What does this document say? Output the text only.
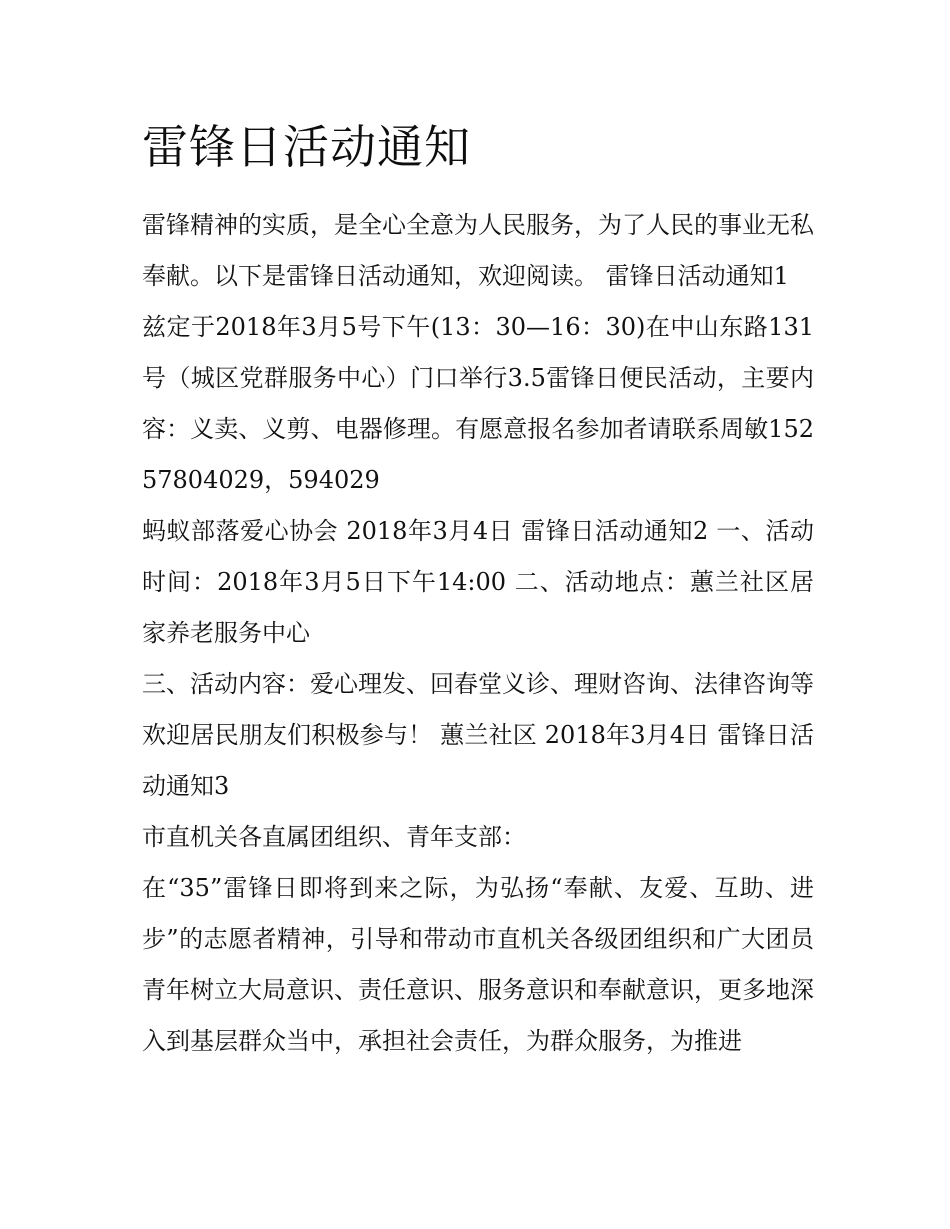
雷锋日活动通知

雷锋精神的实质，是全心全意为人民服务，为了人民的事业无私奉献。以下是雷锋日活动通知，欢迎阅读。 雷锋日活动通知1

兹定于2018年3月5号下午(13：30—16：30)在中山东路131号（城区党群服务中心）门口举行3.5雷锋日便民活动，主要内容：义卖、义剪、电器修理。有愿意报名参加者请联系周敏15257804029，594029

蚂蚁部落爱心协会 2018年3月4日 雷锋日活动通知2 一、活动时间：2018年3月5日下午14:00 二、活动地点：蕙兰社区居家养老服务中心

三、活动内容：爱心理发、回春堂义诊、理财咨询、法律咨询等 欢迎居民朋友们积极参与！ 蕙兰社区 2018年3月4日 雷锋日活动通知3

市直机关各直属团组织、青年支部：

在“35”雷锋日即将到来之际，为弘扬“奉献、友爱、互助、进步”的志愿者精神，引导和带动市直机关各级团组织和广大团员青年树立大局意识、责任意识、服务意识和奉献意识，更多地深入到基层群众当中，承担社会责任，为群众服务，为推进
